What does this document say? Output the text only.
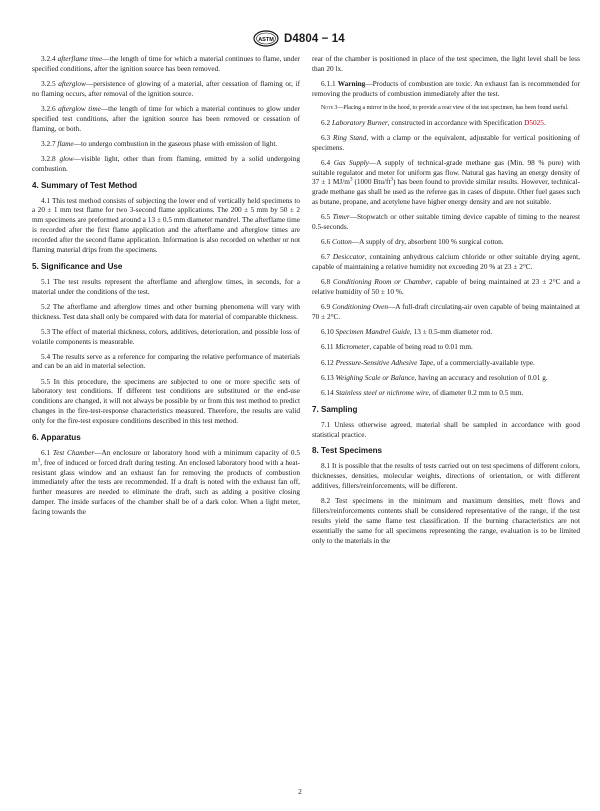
ASTM D4804 − 14

3.2.4 afterflame time—the length of time for which a material continues to flame, under specified conditions, after the ignition source has been removed.

3.2.5 afterglow—persistence of glowing of a material, after cessation of flaming or, if no flaming occurs, after removal of the ignition source.

3.2.6 afterglow time—the length of time for which a material continues to glow under specified test conditions, after the ignition source has been removed or cessation of flaming, or both.

3.2.7 flame—to undergo combustion in the gaseous phase with emission of light.

3.2.8 glow—visible light, other than from flaming, emitted by a solid undergoing combustion.

4. Summary of Test Method

4.1 This test method consists of subjecting the lower end of vertically held specimens to a 20 ± 1 mm test flame for two 3-second flame applications. The 200 ± 5 mm by 50 ± 2 mm specimens are preformed around a 13 ± 0.5 mm diameter mandrel. The afterflame time is recorded after the first flame application and the afterflame and afterglow times are recorded after the second flame application. Information is also recorded on whether or not flaming material drips from the specimens.

5. Significance and Use

5.1 The test results represent the afterflame and afterglow times, in seconds, for a material under the conditions of the test.

5.2 The afterflame and afterglow times and other burning phenomena will vary with thickness. Test data shall only be compared with data for material of comparable thickness.

5.3 The effect of material thickness, colors, additives, deterioration, and possible loss of volatile components is measurable.

5.4 The results serve as a reference for comparing the relative performance of materials and can be an aid in material selection.

5.5 In this procedure, the specimens are subjected to one or more specific sets of laboratory test conditions. If different test conditions are substituted or the end-use conditions are changed, it will not always be possible by or from this test method to predict changes in the fire-test-response characteristics measured. Therefore, the results are valid only for the fire-test exposure conditions described in this test method.

6. Apparatus

6.1 Test Chamber—An enclosure or laboratory hood with a minimum capacity of 0.5 $m^3$, free of induced or forced draft during testing. An enclosed laboratory hood with a heat-resistant glass window and an exhaust fan for removing the products of combustion immediately after the tests are recommended. If a draft is noted with the exhaust fan off, further measures are needed to eliminate the draft, such as adding a positive closing damper. The inside surfaces of the chamber shall be of a dark color. When a light meter, facing towards the

rear of the chamber is positioned in place of the test specimen, the light level shall be less than 20 lx.

6.1.1 Warning—Products of combustion are toxic. An exhaust fan is recommended for removing the products of combustion immediately after the test.

Note 3—Placing a mirror in the hood, to provide a rear view of the test specimen, has been found useful.

6.2 Laboratory Burner, constructed in accordance with Specification D5025.

6.3 Ring Stand, with a clamp or the equivalent, adjustable for vertical positioning of specimens.

6.4 Gas Supply—A supply of technical-grade methane gas (Min. 98 % pure) with suitable regulator and meter for uniform gas flow. Natural gas having an energy density of 37 ± 1 $MJ/m^3$ (1000 Btu/$ft^3$) has been found to provide similar results. However, technical-grade methane gas shall be used as the referee gas in cases of dispute. Other fuel gases such as butane, propane, and acetylene have higher energy density and are not suitable.

6.5 Timer—Stopwatch or other suitable timing device capable of timing to the nearest 0.5-seconds.

6.6 Cotton—A supply of dry, absorbent 100 % surgical cotton.

6.7 Desiccator, containing anhydrous calcium chloride or other suitable drying agent, capable of maintaining a relative humidity not exceeding 20 % at 23 ± 2°C.

6.8 Conditioning Room or Chamber, capable of being maintained at 23 ± 2°C and a relative humidity of 50 ± 10 %.

6.9 Conditioning Oven—A full-draft circulating-air oven capable of being maintained at 70 ± 2°C.

6.10 Specimen Mandrel Guide, 13 ± 0.5-mm diameter rod.

6.11 Micrometer, capable of being read to 0.01 mm.

6.12 Pressure-Sensitive Adhesive Tape, of a commercially-available type.

6.13 Weighing Scale or Balance, having an accuracy and resolution of 0.01 g.

6.14 Stainless steel or nichrome wire, of diameter 0.2 mm to 0.5 mm.

7. Sampling

7.1 Unless otherwise agreed, material shall be sampled in accordance with good statistical practice.

8. Test Specimens

8.1 It is possible that the results of tests carried out on test specimens of different colors, thicknesses, densities, molecular weights, directions of orientation, or with different additives, fillers/reinforcements, will be different.

8.2 Test specimens in the minimum and maximum densities, melt flows and fillers/reinforcements contents shall be considered representative of the range, if the test results yield the same flame test classification. If the burning characteristics are not essentially the same for all specimens representing the range, evaluation is to be limited only to the materials in the

2
